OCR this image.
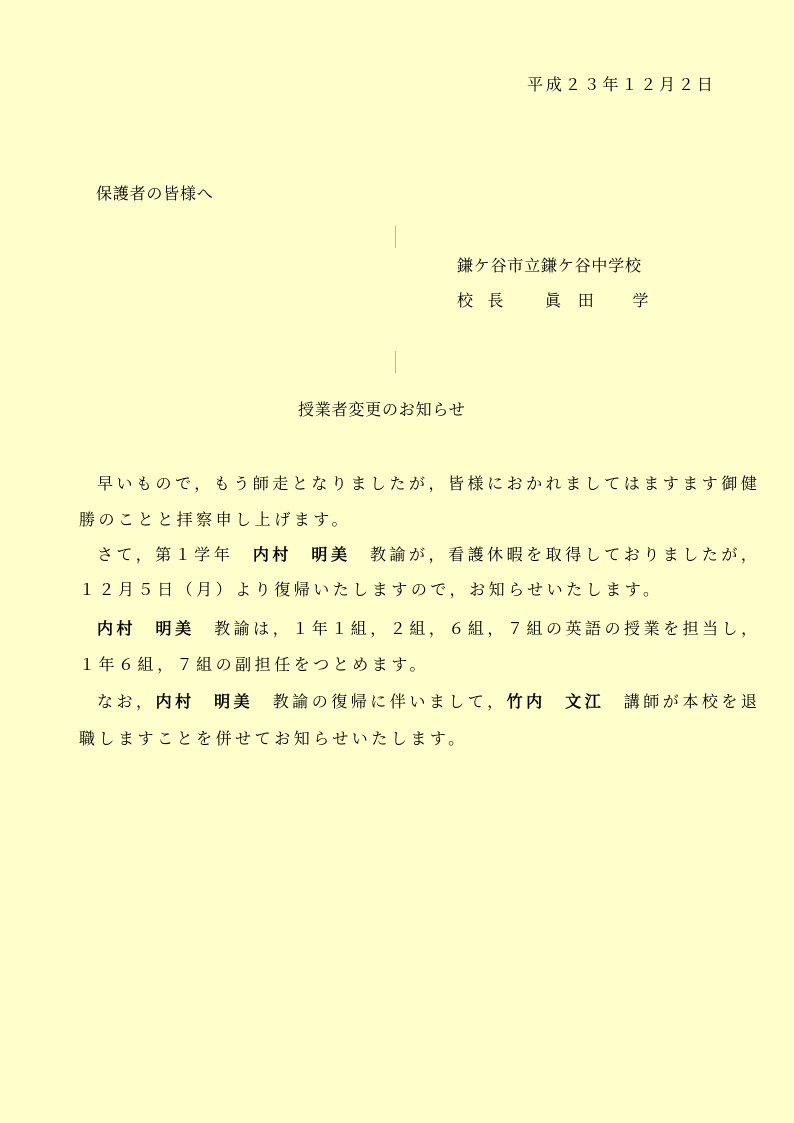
平成２３年１２月２日
保護者の皆様へ
鎌ケ谷市立鎌ケ谷中学校
校長 眞田 学
授業者変更のお知らせ
早いもので，もう師走となりましたが，皆様におかれましてはますます御健
勝のことと拝察申し上げます。
さて，第１学年　 内村　明美　 教諭が，看護休暇を取得しておりましたが，
１２月５日（月）より復帰いたしますので，お知らせいたします。
内村　明美　 教諭は，１年１組，２組，６組，７組の英語の授業を担当し，
１年６組，７組の副担任をつとめます。
なお，内村　明美　 教諭の復帰に伴いまして，竹内　文江　 講師が本校を退
職しますことを併せてお知らせいたします。
